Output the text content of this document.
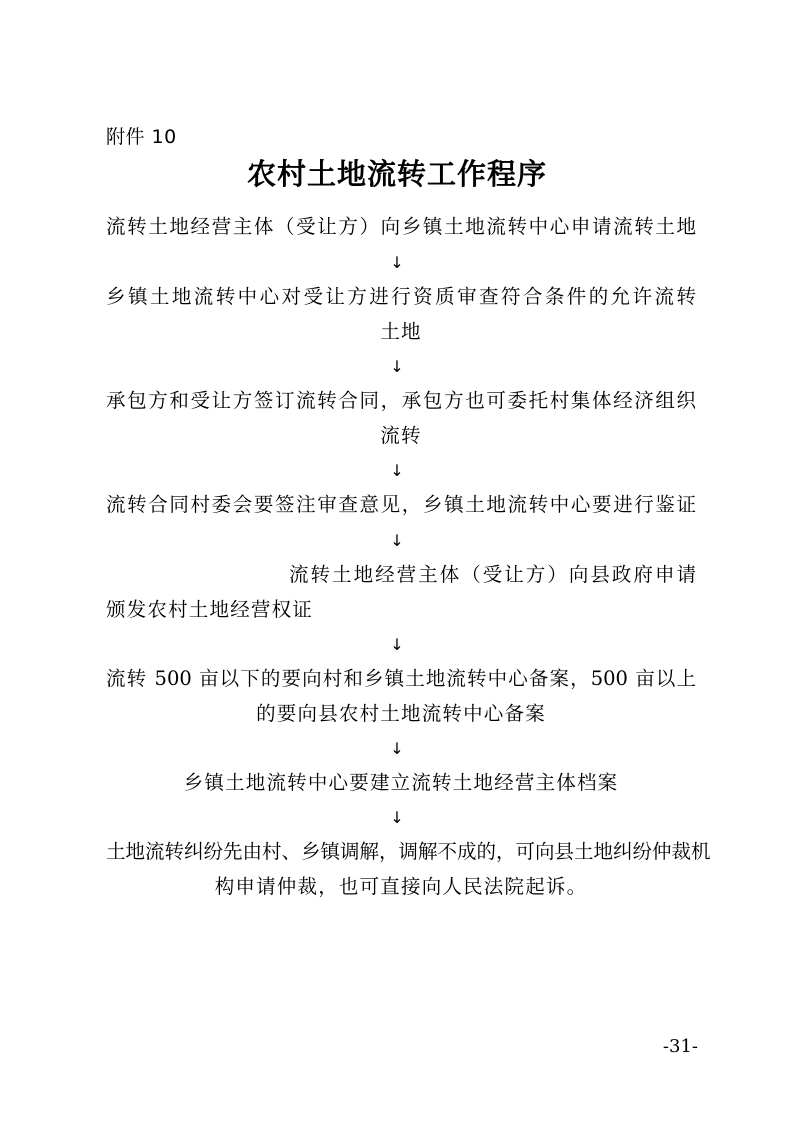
附件 10
农村土地流转工作程序
流转土地经营主体（受让方）向乡镇土地流转中心申请流转土地
↓
乡镇土地流转中心对受让方进行资质审查符合条件的允许流转
土地
↓
承包方和受让方签订流转合同，承包方也可委托村集体经济组织
流转
↓
流转合同村委会要签注审查意见，乡镇土地流转中心要进行鉴证
↓
流转土地经营主体（受让方）向县政府申请
颁发农村土地经营权证
↓
流转 500 亩以下的要向村和乡镇土地流转中心备案，500 亩以上
的要向县农村土地流转中心备案
↓
乡镇土地流转中心要建立流转土地经营主体档案
↓
土地流转纠纷先由村、乡镇调解，调解不成的，可向县土地纠纷仲裁机
构申请仲裁，也可直接向人民法院起诉。
-31-
